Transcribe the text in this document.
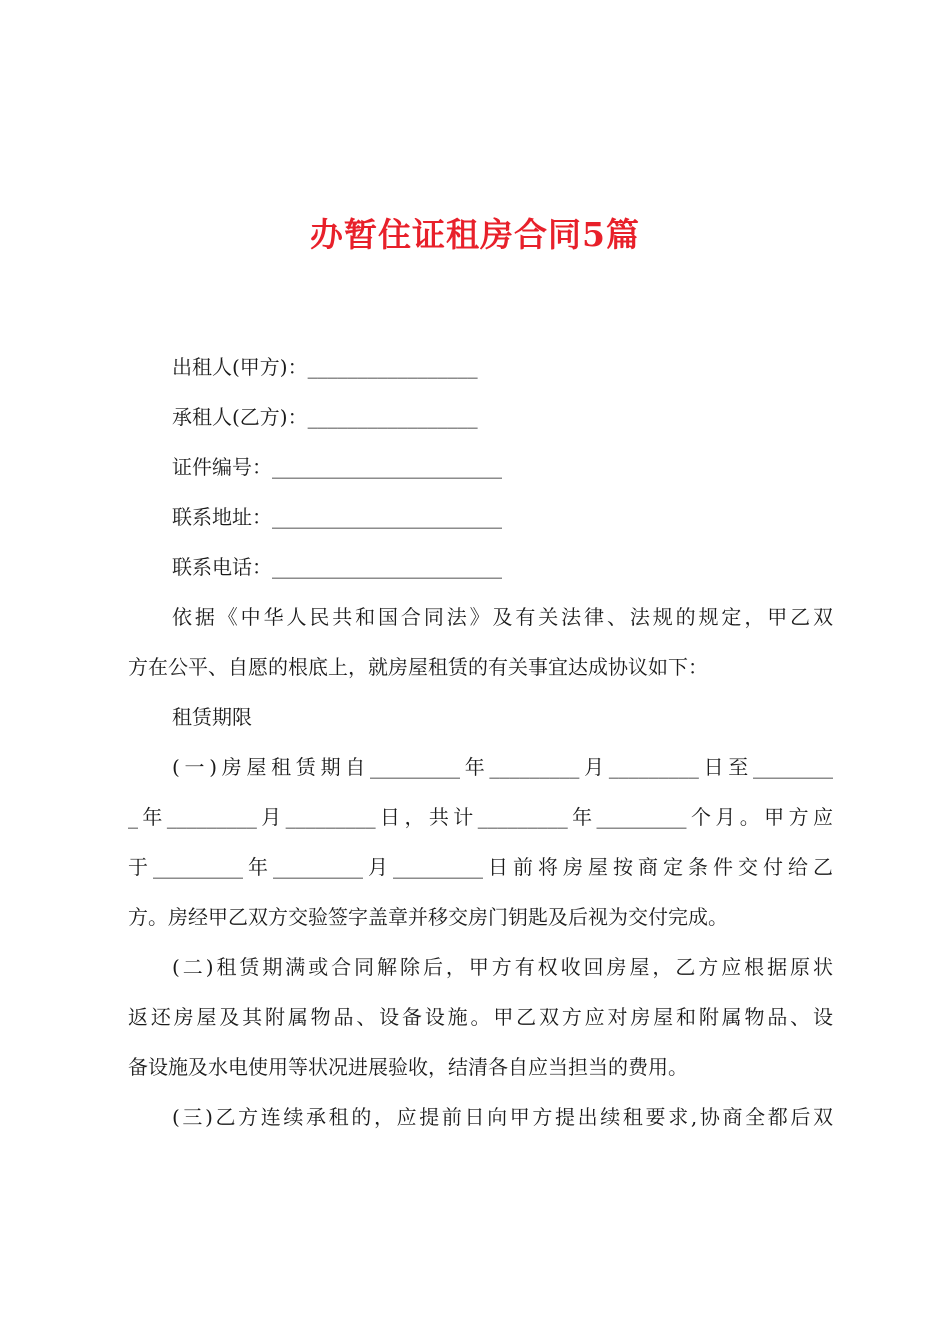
办暂住证租房合同5篇
出租人(甲方)：_________________
承租人(乙方)：_________________
证件编号：_______________________
联系地址：_______________________
联系电话：_______________________
依据《中华人民共和国合同法》及有关法律、法规的规定，甲乙双
方在公平、自愿的根底上，就房屋租赁的有关事宜达成协议如下：
租赁期限
(一)房屋租赁期自_________年_________月_________日至________
_年_________月_________日，共计_________年_________个月。甲方应
于_________年_________月_________日前将房屋按商定条件交付给乙
方。房经甲乙双方交验签字盖章并移交房门钥匙及后视为交付完成。
(二)租赁期满或合同解除后，甲方有权收回房屋，乙方应根据原状
返还房屋及其附属物品、设备设施。甲乙双方应对房屋和附属物品、设
备设施及水电使用等状况进展验收，结清各自应当担当的费用。
(三)乙方连续承租的，应提前日向甲方提出续租要求,协商全都后双
